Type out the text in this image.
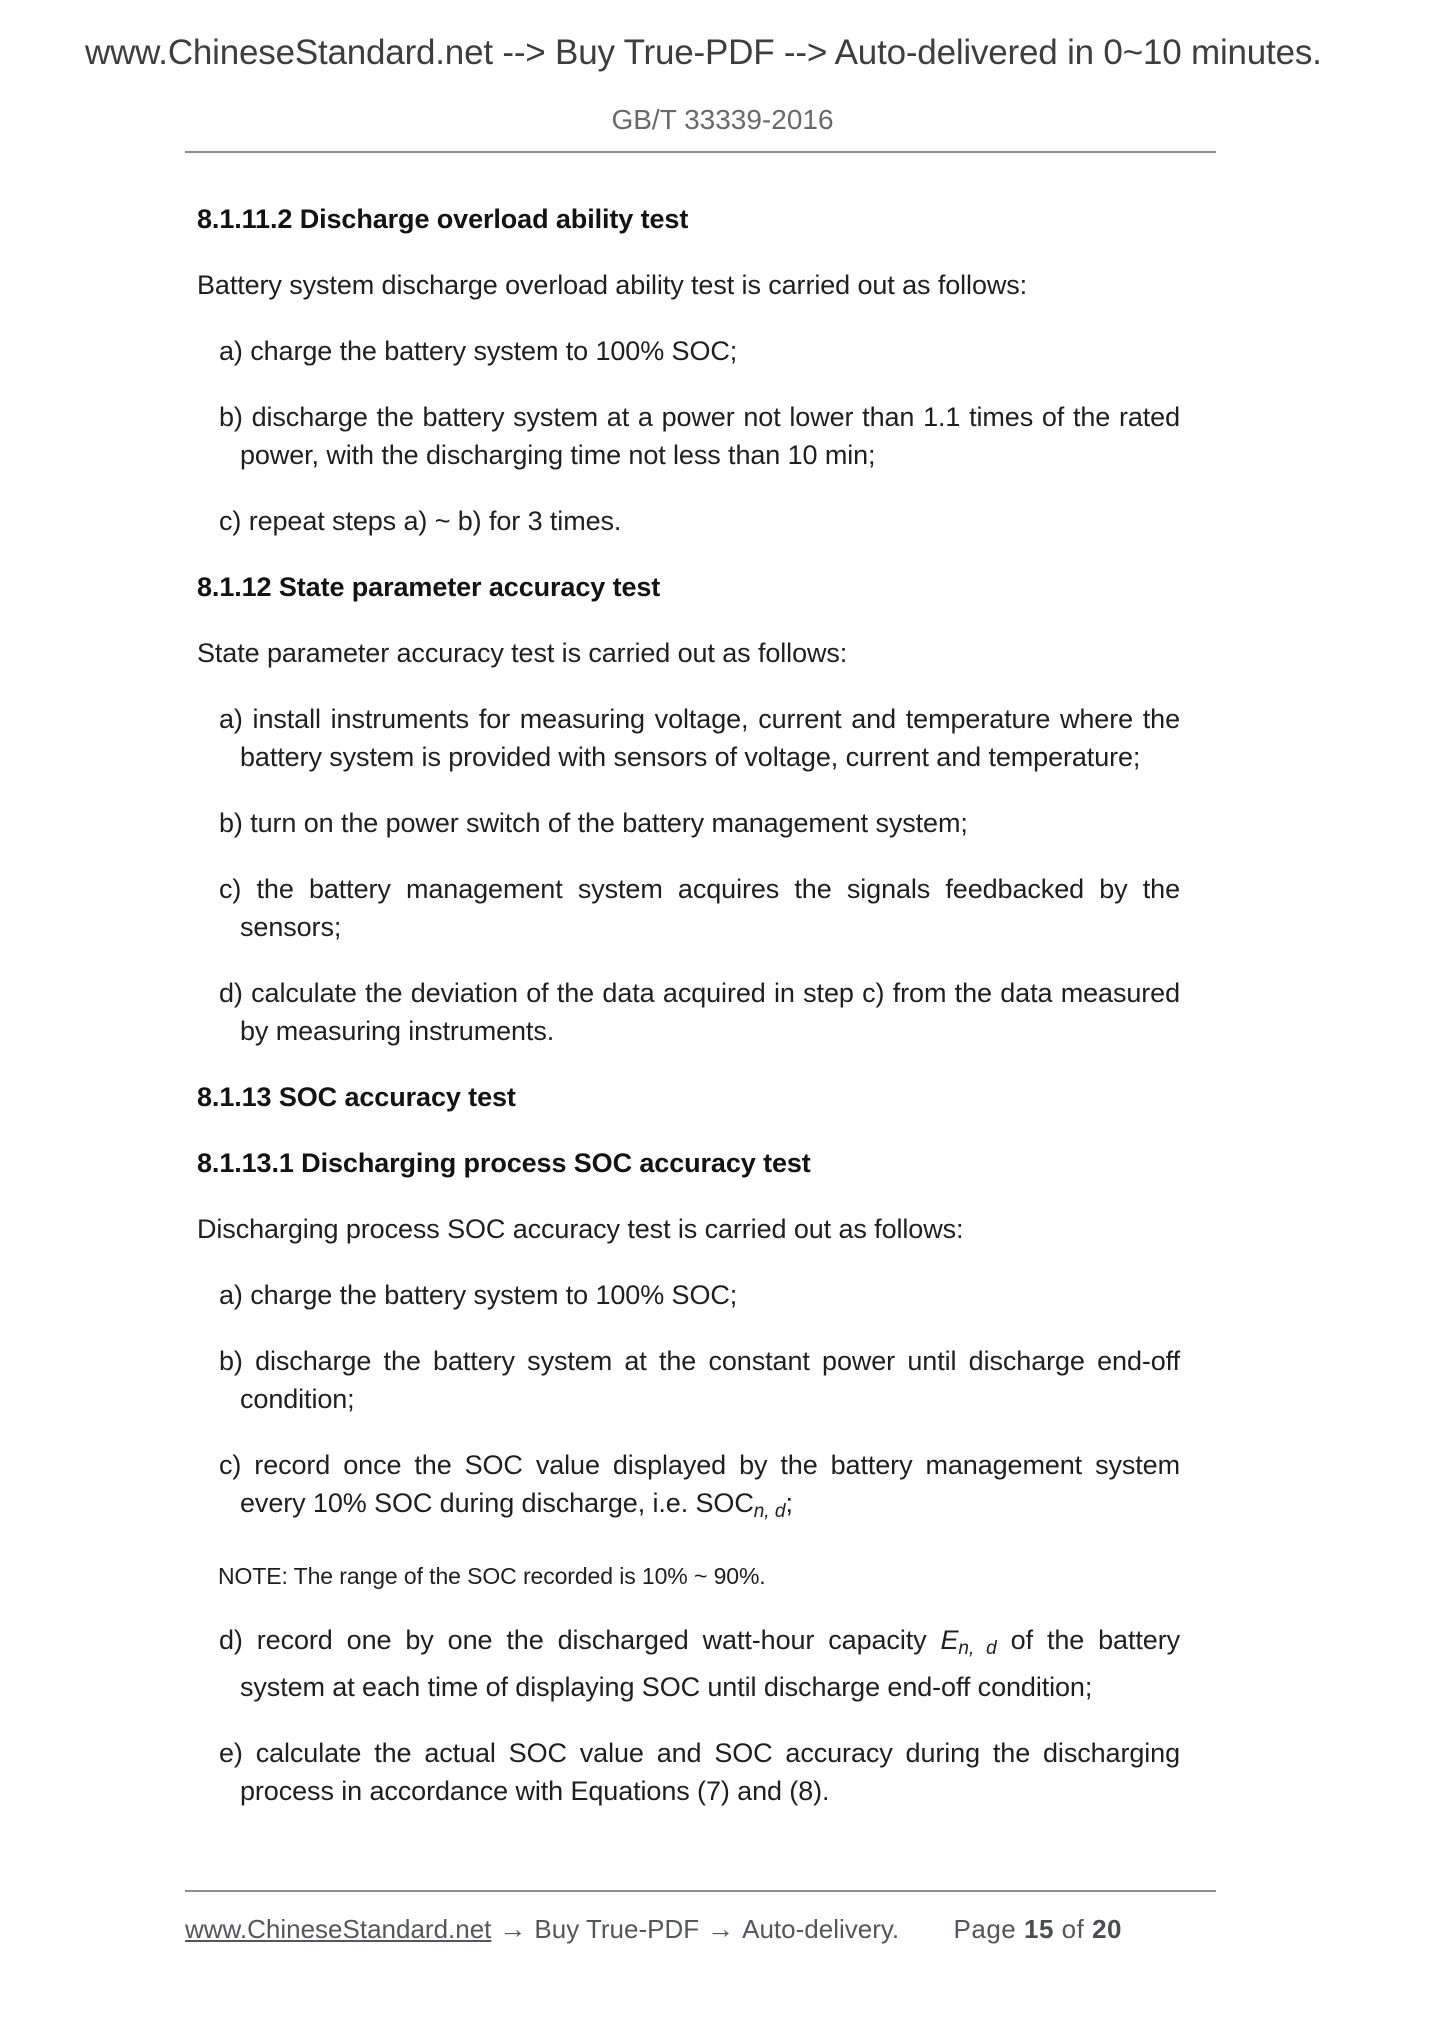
www.ChineseStandard.net --> Buy True-PDF --> Auto-delivered in 0~10 minutes.
GB/T 33339-2016
8.1.11.2 Discharge overload ability test

Battery system discharge overload ability test is carried out as follows:

a) charge the battery system to 100% SOC;

b) discharge the battery system at a power not lower than 1.1 times of the rated power, with the discharging time not less than 10 min;

c) repeat steps a) ~ b) for 3 times.

8.1.12 State parameter accuracy test

State parameter accuracy test is carried out as follows:

a) install instruments for measuring voltage, current and temperature where the battery system is provided with sensors of voltage, current and temperature;

b) turn on the power switch of the battery management system;

c) the battery management system acquires the signals feedbacked by the sensors;

d) calculate the deviation of the data acquired in step c) from the data measured by measuring instruments.

8.1.13 SOC accuracy test
8.1.13.1 Discharging process SOC accuracy test

Discharging process SOC accuracy test is carried out as follows:

a) charge the battery system to 100% SOC;

b) discharge the battery system at the constant power until discharge end-off condition;

c) record once the SOC value displayed by the battery management system every 10% SOC during discharge, i.e. $SOC_{n, d}$;

NOTE: The range of the SOC recorded is 10% ~ 90%.

d) record one by one the discharged watt-hour capacity $E_{n, d}$ of the battery system at each time of displaying SOC until discharge end-off condition;

e) calculate the actual SOC value and SOC accuracy during the discharging process in accordance with Equations (7) and (8).

www.ChineseStandard.net → Buy True-PDF → Auto-delivery. Page 15 of 20
